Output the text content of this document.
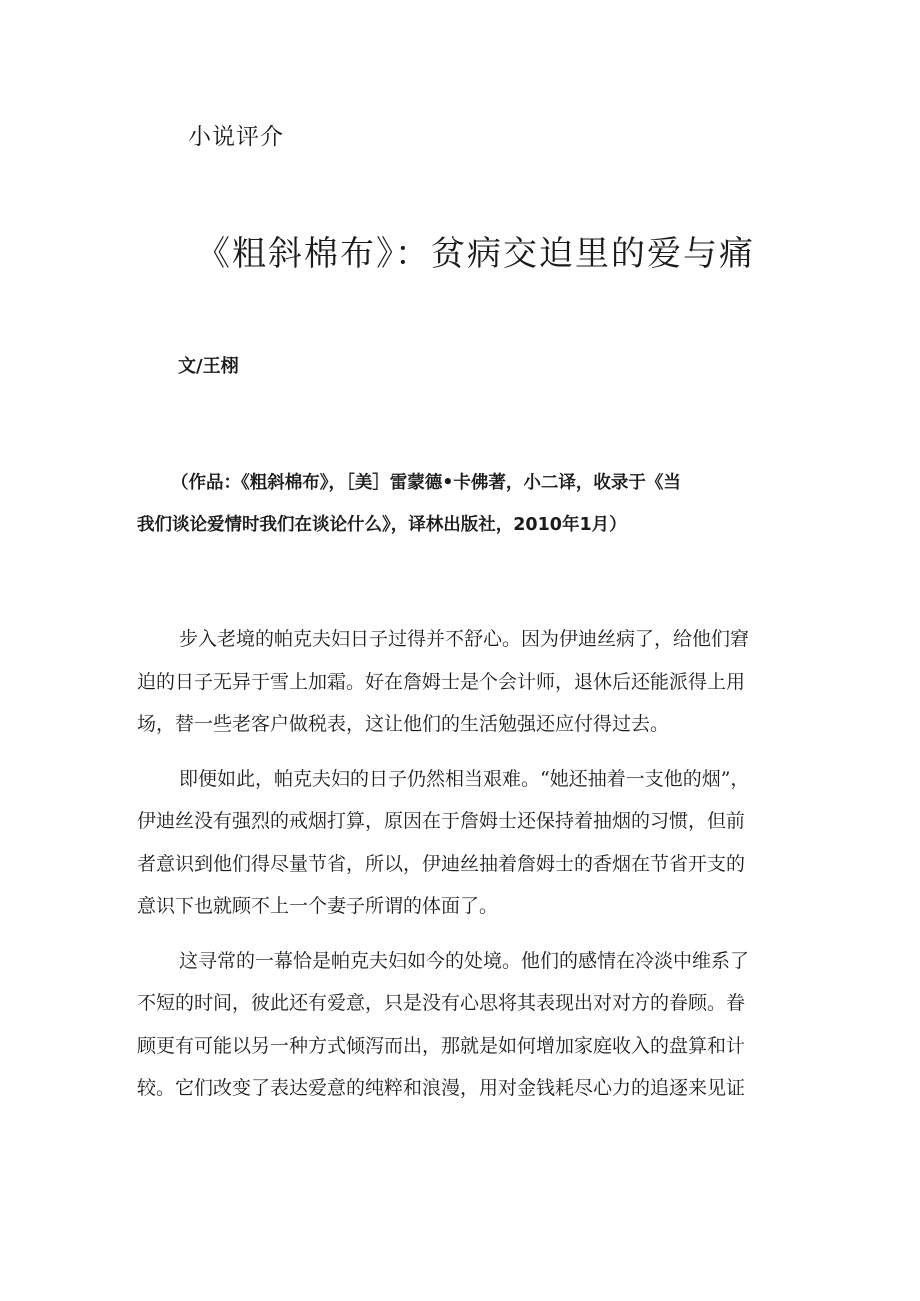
小说评介
《粗斜棉布》：贫病交迫里的爱与痛
文/王栩
（作品：《粗斜棉布》，［美］雷蒙德•卡佛著，小二译，收录于《当
我们谈论爱情时我们在谈论什么》，译林出版社，2010年1月）

步入老境的帕克夫妇日子过得并不舒心。因为伊迪丝病了，给他们窘
迫的日子无异于雪上加霜。好在詹姆士是个会计师，退休后还能派得上用
场，替一些老客户做税表，这让他们的生活勉强还应付得过去。

即便如此，帕克夫妇的日子仍然相当艰难。“她还抽着一支他的烟”，
伊迪丝没有强烈的戒烟打算，原因在于詹姆士还保持着抽烟的习惯，但前
者意识到他们得尽量节省，所以，伊迪丝抽着詹姆士的香烟在节省开支的
意识下也就顾不上一个妻子所谓的体面了。

这寻常的一幕恰是帕克夫妇如今的处境。他们的感情在冷淡中维系了
不短的时间，彼此还有爱意，只是没有心思将其表现出对对方的眷顾。眷
顾更有可能以另一种方式倾泻而出，那就是如何增加家庭收入的盘算和计
较。它们改变了表达爱意的纯粹和浪漫，用对金钱耗尽心力的追逐来见证
